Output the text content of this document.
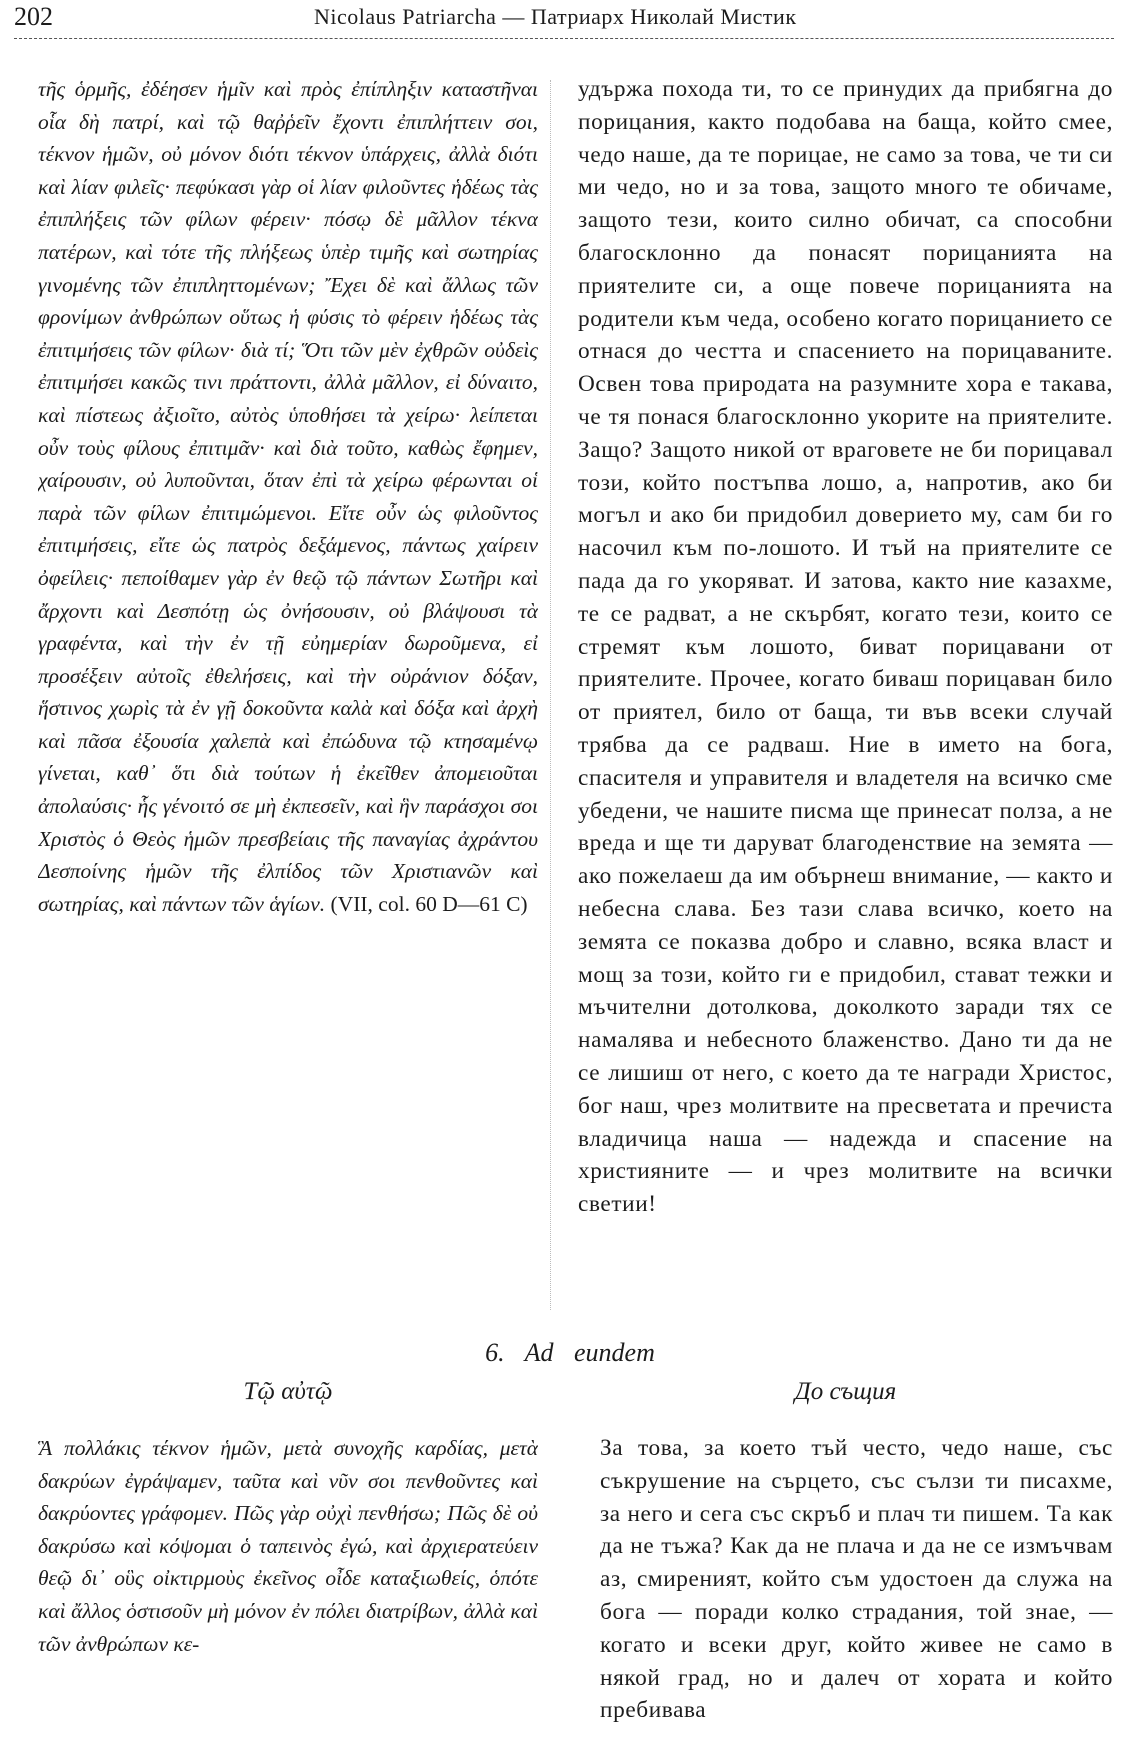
202	Nicolaus Patriarcha — Патриарх Николай Мистик

τῆς ὁρμῆς, ἐδέησεν ἡμῖν καὶ πρὸς ἐπίπληξιν καταστῆναι οἷα δὴ πατρί, καὶ τῷ θαῤῥεῖν ἔχοντι ἐπιπλήττειν σοι, τέκνον ἡμῶν, οὐ μόνον διότι τέκνον ὑπάρχεις, ἀλλὰ διότι καὶ λίαν φιλεῖς· πεφύκασι γὰρ οἱ λίαν φιλοῦντες ἡδέως τὰς ἐπιπλήξεις τῶν φίλων φέρειν· πόσῳ δὲ μᾶλλον τέκνα πατέρων, καὶ τότε τῆς πλήξεως ὑπὲρ τιμῆς καὶ σωτηρίας γινομένης τῶν ἐπιπληττομένων; Ἔχει δὲ καὶ ἄλλως τῶν φρονίμων ἀνθρώπων οὕτως ἡ φύσις τὸ φέρειν ἡδέως τὰς ἐπιτιμήσεις τῶν φίλων· διὰ τί; Ὅτι τῶν μὲν ἐχθρῶν οὐδεὶς ἐπιτιμήσει κακῶς τινι πράττοντι, ἀλλὰ μᾶλλον, εἰ δύναιτο, καὶ πίστεως ἀξιοῖτο, αὐτὸς ὑποθήσει τὰ χείρω· λείπεται οὖν τοὺς φίλους ἐπιτιμᾶν· καὶ διὰ τοῦτο, καθὼς ἔφημεν, χαίρουσιν, οὐ λυποῦνται, ὅταν ἐπὶ τὰ χείρω φέρωνται οἱ παρὰ τῶν φίλων ἐπιτιμώμενοι. Εἴτε οὖν ὡς φιλοῦντος ἐπιτιμήσεις, εἴτε ὡς πατρὸς δεξάμενος, πάντως χαίρειν ὀφείλεις· πεποίθαμεν γὰρ ἐν θεῷ τῷ πάντων Σωτῆρι καὶ ἄρχοντι καὶ Δεσπότῃ ὡς ὀνήσουσιν, οὐ βλάψουσι τὰ γραφέντα, καὶ τὴν ἐν τῇ εὐημερίαν δωροῦμενα, εἰ προσέξειν αὐτοῖς ἐθελήσεις, καὶ τὴν οὐράνιον δόξαν, ἥστινος χωρὶς τὰ ἐν γῇ δοκοῦντα καλὰ καὶ δόξα καὶ ἀρχὴ καὶ πᾶσα ἐξουσία χαλεπὰ καὶ ἐπώδυνα τῷ κτησαμένῳ γίνεται, καθ᾽ ὅτι διὰ τούτων ἡ ἐκεῖθεν ἀπομειοῦται ἀπολαύσις· ἧς γένοιτό σε μὴ ἐκπεσεῖν, καὶ ἣν παράσχοι σοι Χριστὸς ὁ Θεὸς ἡμῶν πρεσβείαις τῆς παναγίας ἀχράντου Δεσποίνης ἡμῶν τῆς ἐλπίδος τῶν Χριστιανῶν καὶ σωτηρίας, καὶ πάντων τῶν ἁγίων. (VII, col. 60 D—61 C)

удържа похода ти, то се принудих да прибягна до порицания, както подобава на баща, който смее, чедо наше, да те порицае, не само за това, че ти си ми чедо, но и за това, защото много те обичаме, защото тези, които силно обичат, са способни благосклонно да понасят порицанията на приятелите си, а още повече порицанията на родители към чеда, особено когато порицанието се отнася до честта и спасението на порицаваните. Освен това природата на разумните хора е такава, че тя понася благосклонно укорите на приятелите. Защо? Защото никой от враговете не би порицавал този, който постъпва лошо, а, напротив, ако би могъл и ако би придобил доверието му, сам би го насочил към по-лошото. И тъй на приятелите се пада да го укоряват. И затова, както ние казахме, те се радват, а не скърбят, когато тези, които се стремят към лошото, биват порицавани от приятелите. Прочее, когато биваш порицаван било от приятел, било от баща, ти във всеки случай трябва да се радваш. Ние в името на бога, спасителя и управителя и владетеля на всичко сме убедени, че нашите писма ще принесат полза, а не вреда и ще ти даруват благоденствие на земята — ако пожелаеш да им обърнеш внимание, — както и небесна слава. Без тази слава всичко, което на земята се показва добро и славно, всяка власт и мощ за този, който ги е придобил, стават тежки и мъчителни дотолкова, доколкото заради тях се намалява и небесното блаженство. Дано ти да не се лишиш от него, с което да те награди Христос, бог наш, чрез молитвите на пресветата и пречиста владичица наша — надежда и спасение на християните — и чрез молитвите на всички светии!

6. Ad eundem
Τῷ αὐτῷ	До същия

Ἃ πολλάκις τέκνον ἡμῶν, μετὰ συνοχῆς καρδίας, μετὰ δακρύων ἐγράψαμεν, ταῦτα καὶ νῦν σοι πενθοῦντες καὶ δακρύοντες γράφομεν. Πῶς γὰρ οὐχὶ πενθήσω; Πῶς δὲ οὐ δακρύσω καὶ κόψομαι ὁ ταπεινὸς ἐγώ, καὶ ἀρχιερατεύειν θεῷ δι᾽ οὓς οἰκτιρμοὺς ἐκεῖνος οἶδε καταξιωθείς, ὁπότε καὶ ἄλλος ὁστισοῦν μὴ μόνον ἐν πόλει διατρίβων, ἀλλὰ καὶ τῶν ἀνθρώπων κε-

За това, за което тъй често, чедо наше, със съкрушение на сърцето, със сълзи ти писахме, за него и сега със скръб и плач ти пишем. Та как да не тъжа? Как да не плача и да не се измъчвам аз, смиреният, който съм удостоен да служа на бога — поради колко страдания, той знае, — когато и всеки друг, който живее не само в някой град, но и далеч от хората и който пребивава
